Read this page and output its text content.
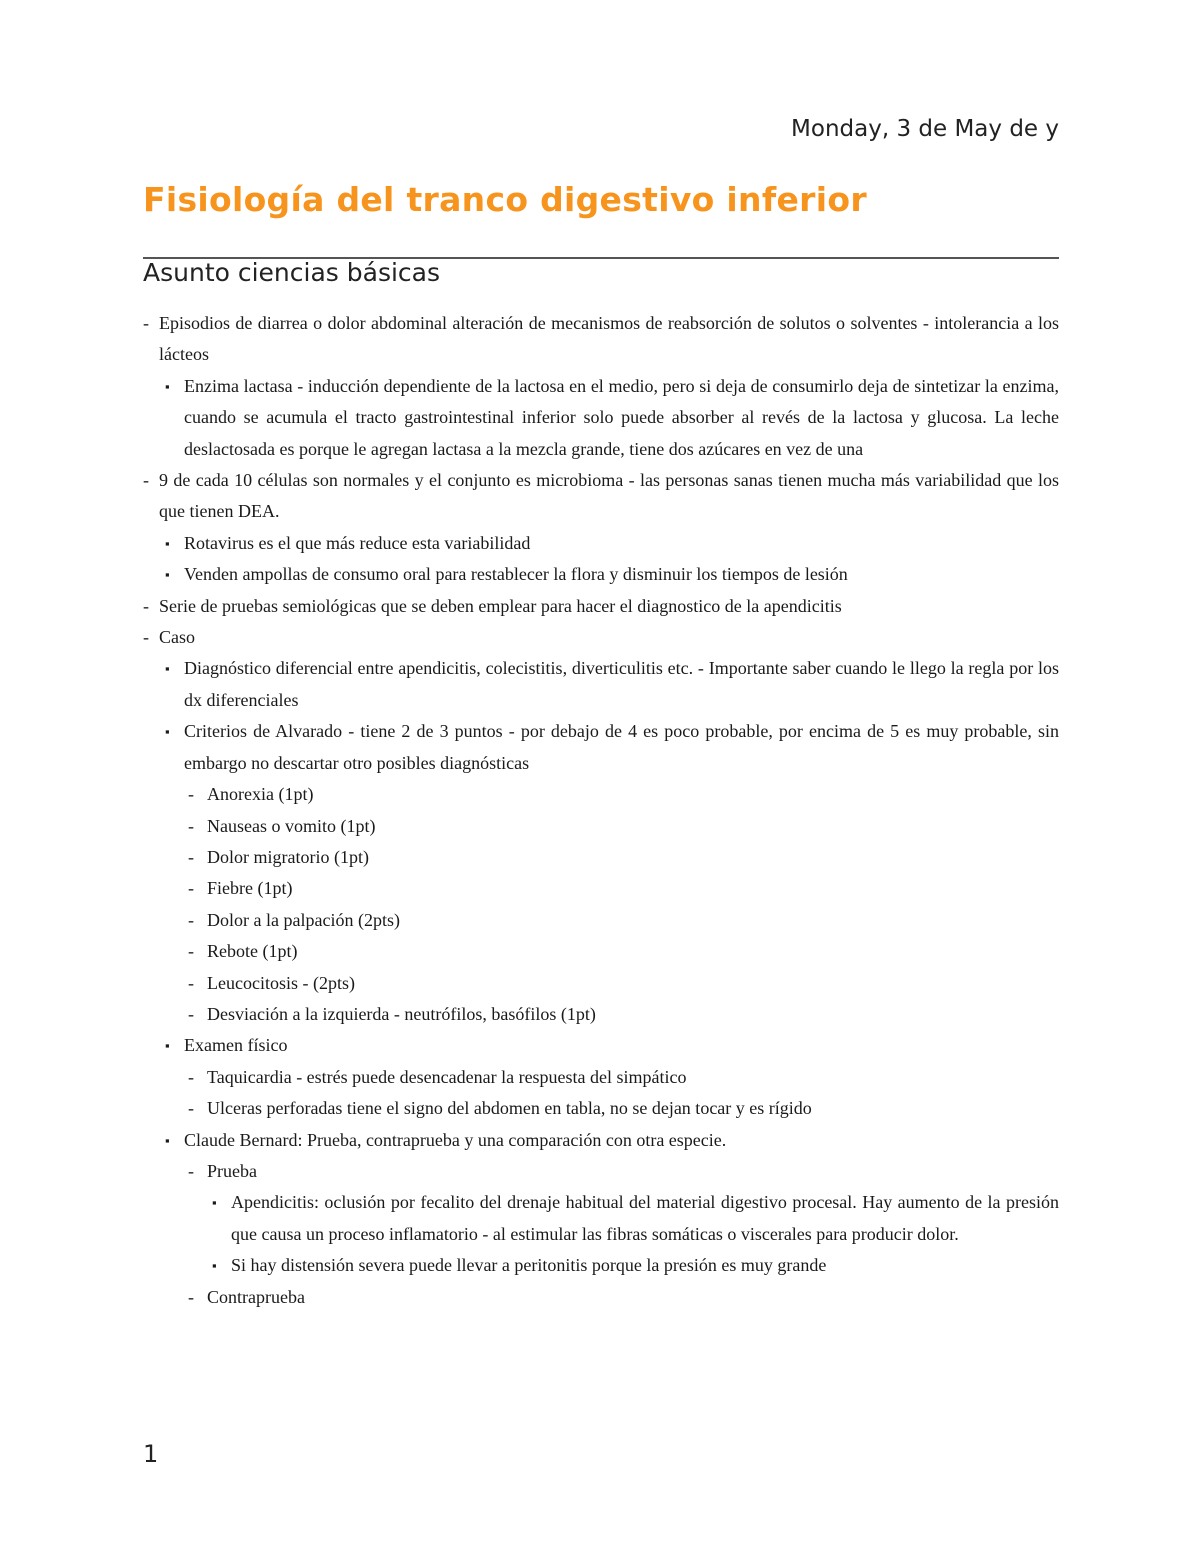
Monday, 3 de May de y
Fisiología del tranco digestivo inferior
Asunto ciencias básicas
- Episodios de diarrea o dolor abdominal alteración de mecanismos de reabsorción de solutos o solventes - intolerancia a los lácteos
▪ Enzima lactasa - inducción dependiente de la lactosa en el medio, pero si deja de consumirlo deja de sintetizar la enzima, cuando se acumula el tracto gastrointestinal inferior solo puede absorber al revés de la lactosa y glucosa. La leche deslactosada es porque le agregan lactasa a la mezcla grande, tiene dos azúcares en vez de una
- 9 de cada 10 células son normales y el conjunto es microbioma - las personas sanas tienen mucha más variabilidad que los que tienen DEA.
▪ Rotavirus es el que más reduce esta variabilidad
▪ Venden ampollas de consumo oral para restablecer la flora y disminuir los tiempos de lesión
- Serie de pruebas semiológicas que se deben emplear para hacer el diagnostico de la apendicitis
- Caso
▪ Diagnóstico diferencial entre apendicitis, colecistitis, diverticulitis etc. - Importante saber cuando le llego la regla por los dx diferenciales
▪ Criterios de Alvarado - tiene 2 de 3 puntos - por debajo de 4 es poco probable, por encima de 5 es muy probable, sin embargo no descartar otro posibles diagnósticas
- Anorexia (1pt)
- Nauseas o vomito (1pt)
- Dolor migratorio (1pt)
- Fiebre (1pt)
- Dolor a la palpación (2pts)
- Rebote (1pt)
- Leucocitosis - (2pts)
- Desviación a la izquierda - neutrófilos, basófilos (1pt)
▪ Examen físico
- Taquicardia - estrés puede desencadenar la respuesta del simpático
- Ulceras perforadas tiene el signo del abdomen en tabla, no se dejan tocar y es rígido
▪ Claude Bernard: Prueba, contraprueba y una comparación con otra especie.
- Prueba
▪ Apendicitis: oclusión por fecalito del drenaje habitual del material digestivo procesal. Hay aumento de la presión que causa un proceso inflamatorio - al estimular las fibras somáticas o viscerales para producir dolor.
▪ Si hay distensión severa puede llevar a peritonitis porque la presión es muy grande
- Contraprueba
1
